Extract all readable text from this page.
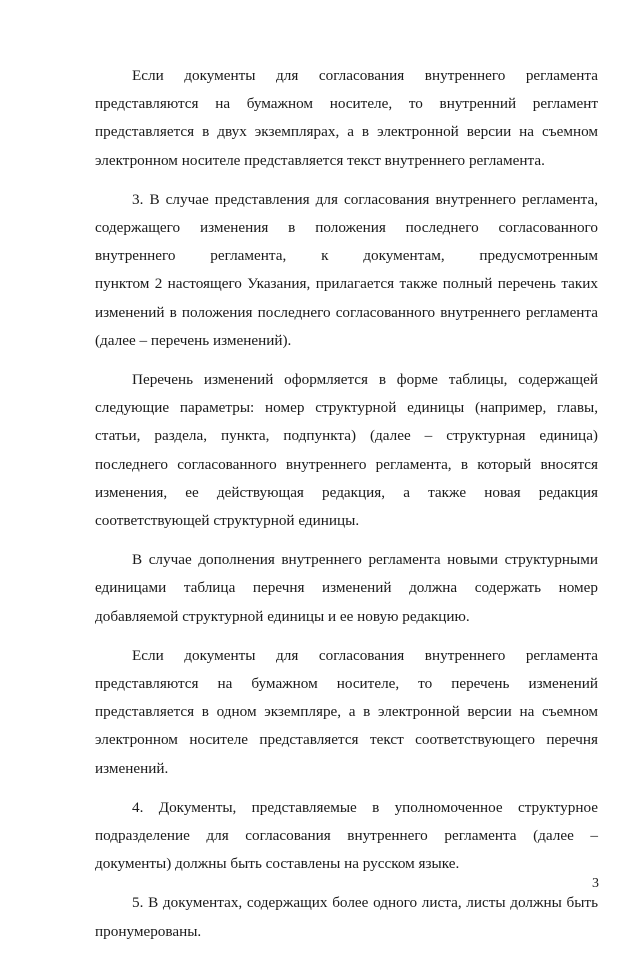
Если документы для согласования внутреннего регламента
представляются на бумажном носителе, то внутренний регламент
представляется в двух экземплярах, а в электронной версии на съемном
электронном носителе представляется текст внутреннего регламента.
3. В случае представления для согласования внутреннего регламента,
содержащего изменения в положения последнего согласованного
внутреннего регламента, к документам, предусмотренным
пунктом 2 настоящего Указания, прилагается также полный перечень таких
изменений в положения последнего согласованного внутреннего регламента
(далее – перечень изменений).
Перечень изменений оформляется в форме таблицы, содержащей
следующие параметры: номер структурной единицы (например, главы,
статьи, раздела, пункта, подпункта) (далее – структурная единица)
последнего согласованного внутреннего регламента, в который вносятся
изменения, ее действующая редакция, а также новая редакция
соответствующей структурной единицы.
В случае дополнения внутреннего регламента новыми структурными
единицами таблица перечня изменений должна содержать номер
добавляемой структурной единицы и ее новую редакцию.
Если документы для согласования внутреннего регламента
представляются на бумажном носителе, то перечень изменений
представляется в одном экземпляре, а в электронной версии на съемном
электронном носителе представляется текст соответствующего перечня
изменений.
4. Документы, представляемые в уполномоченное структурное
подразделение для согласования внутреннего регламента (далее –
документы) должны быть составлены на русском языке.
5. В документах, содержащих более одного листа, листы должны быть
пронумерованы.
3
